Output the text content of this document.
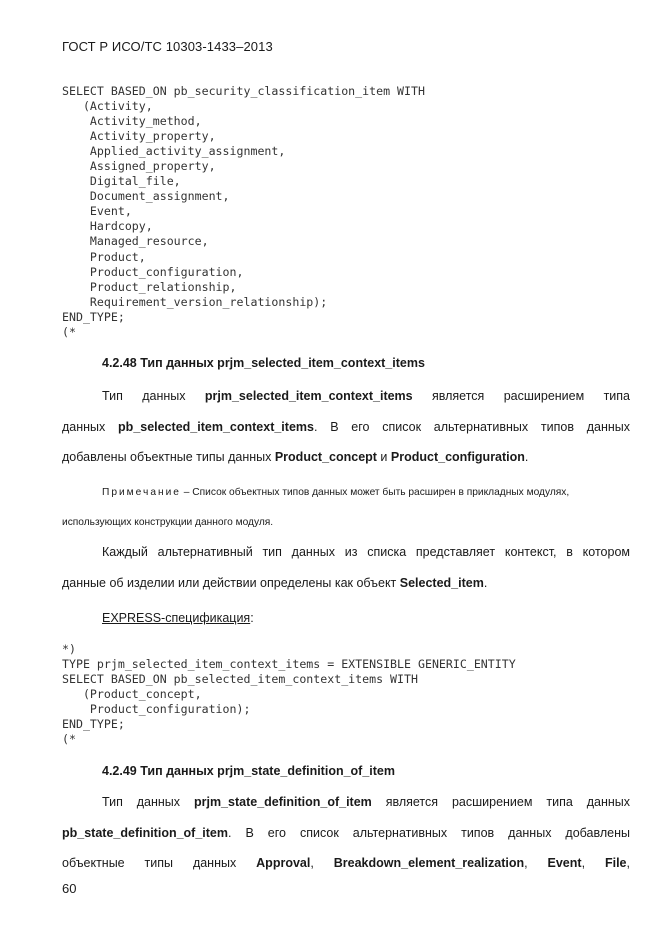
ГОСТ Р ИСО/ТС 10303-1433–2013
SELECT BASED_ON pb_security_classification_item WITH
(Activity,
Activity_method,
Activity_property,
Applied_activity_assignment,
Assigned_property,
Digital_file,
Document_assignment,
Event,
Hardcopy,
Managed_resource,
Product,
Product_configuration,
Product_relationship,
Requirement_version_relationship);
END_TYPE;
(*
4.2.48 Тип данных prjm_selected_item_context_items
Тип данных prjm_selected_item_context_items является расширением типа
данных pb_selected_item_context_items. В его список альтернативных типов данных
добавлены объектные типы данных Product_concept и Product_configuration.
Примечание – Список объектных типов данных может быть расширен в прикладных модулях,
использующих конструкции данного модуля.
Каждый альтернативный тип данных из списка представляет контекст, в котором
данные об изделии или действии определены как объект Selected_item.
EXPRESS-спецификация:
*)
TYPE prjm_selected_item_context_items = EXTENSIBLE GENERIC_ENTITY
SELECT BASED_ON pb_selected_item_context_items WITH
(Product_concept,
Product_configuration);
END_TYPE;
(*
4.2.49 Тип данных prjm_state_definition_of_item
Тип данных prjm_state_definition_of_item является расширением типа данных
pb_state_definition_of_item. В его список альтернативных типов данных добавлены
объектные типы данных Approval, Breakdown_element_realization, Event, File,
60
